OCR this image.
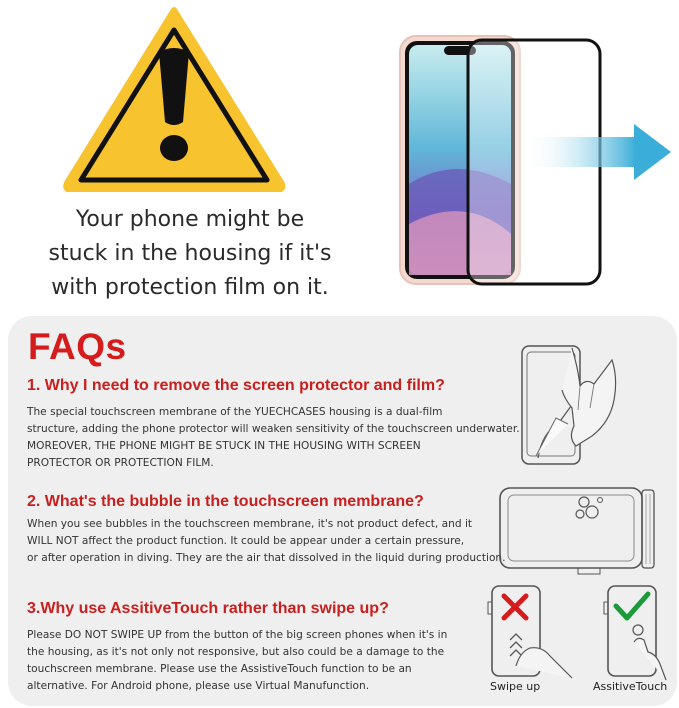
Your phone might be
stuck in the housing if it's
with protection film on it.
FAQs
1. Why I need to remove the screen protector and film?
The special touchscreen membrane of the YUECHCASES housing is a dual-film
structure, adding the phone protector will weaken sensitivity of the touchscreen underwater.
MOREOVER, THE PHONE MIGHT BE STUCK IN THE HOUSING WITH SCREEN
PROTECTOR OR PROTECTION FILM.
2. What's the bubble in the touchscreen membrane?
When you see bubbles in the touchscreen membrane, it's not product defect, and it
WILL NOT affect the product function. It could be appear under a certain pressure,
or after operation in diving. They are the air that dissolved in the liquid during production.
3.Why use AssitiveTouch rather than swipe up?
Please DO NOT SWIPE UP from the button of the big screen phones when it's in
the housing, as it's not only not responsive, but also could be a damage to the
touchscreen membrane. Please use the AssistiveTouch function to be an
alternative. For Android phone, please use Virtual Manufunction.	Swipe up	AssitiveTouch
